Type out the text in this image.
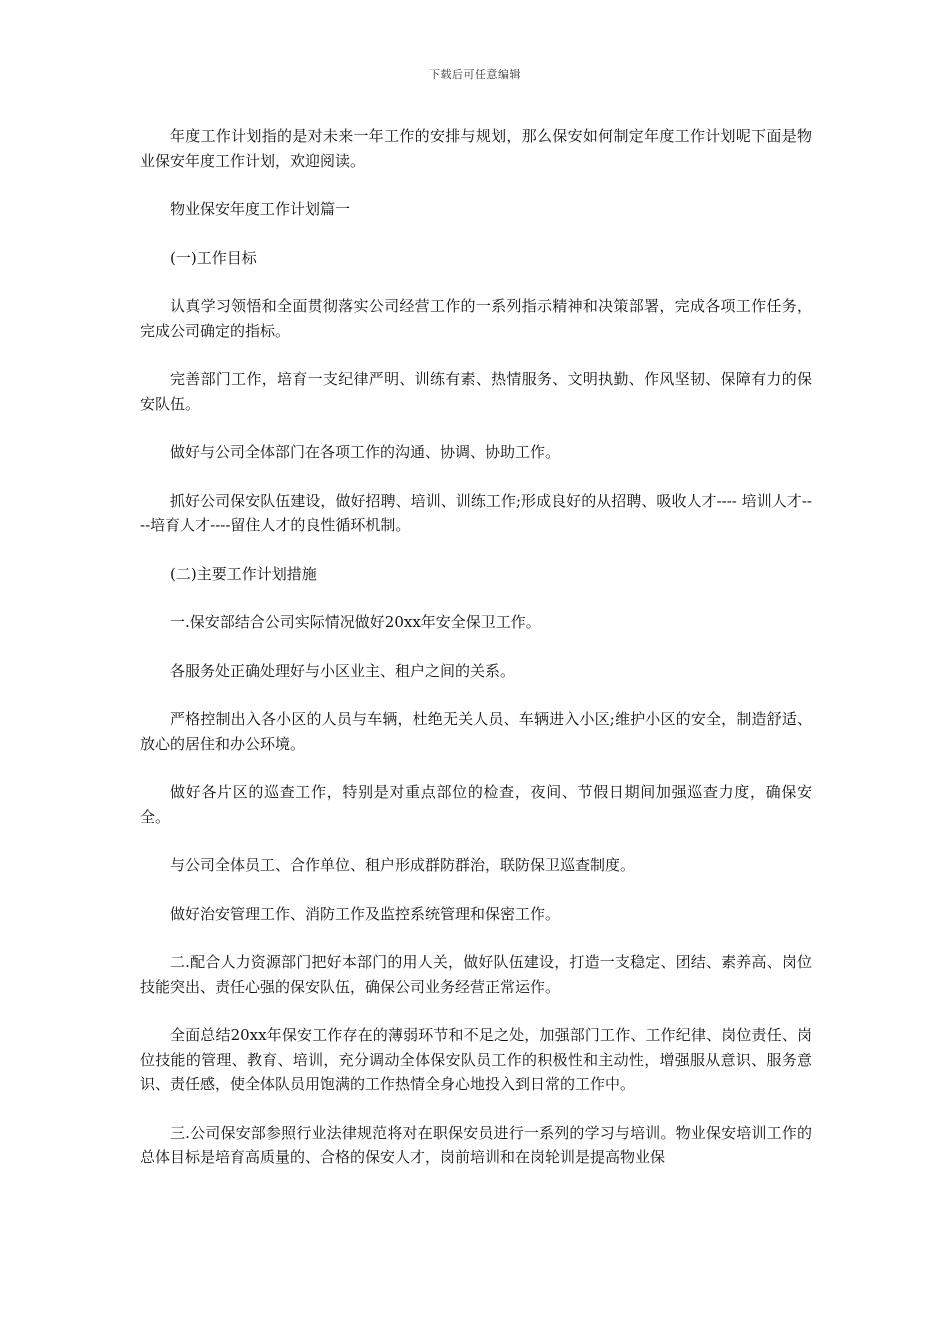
下载后可任意编辑

年度工作计划指的是对未来一年工作的安排与规划，那么保安如何制定年度工作计划呢下面是物业保安年度工作计划，欢迎阅读。

物业保安年度工作计划篇一

(一)工作目标

认真学习领悟和全面贯彻落实公司经营工作的一系列指示精神和决策部署，完成各项工作任务，完成公司确定的指标。

完善部门工作，培育一支纪律严明、训练有素、热情服务、文明执勤、作风坚韧、保障有力的保安队伍。

做好与公司全体部门在各项工作的沟通、协调、协助工作。

抓好公司保安队伍建设，做好招聘、培训、训练工作;形成良好的从招聘、吸收人才---- 培训人才----培育人才----留住人才的良性循环机制。

(二)主要工作计划措施

一.保安部结合公司实际情况做好20xx年安全保卫工作。

各服务处正确处理好与小区业主、租户之间的关系。

严格控制出入各小区的人员与车辆，杜绝无关人员、车辆进入小区;维护小区的安全，制造舒适、放心的居住和办公环境。

做好各片区的巡查工作，特别是对重点部位的检查，夜间、节假日期间加强巡查力度，确保安全。

与公司全体员工、合作单位、租户形成群防群治，联防保卫巡查制度。

做好治安管理工作、消防工作及监控系统管理和保密工作。

二.配合人力资源部门把好本部门的用人关，做好队伍建设，打造一支稳定、团结、素养高、岗位技能突出、责任心强的保安队伍，确保公司业务经营正常运作。

全面总结20xx年保安工作存在的薄弱环节和不足之处，加强部门工作、工作纪律、岗位责任、岗位技能的管理、教育、培训，充分调动全体保安队员工作的积极性和主动性，增强服从意识、服务意识、责任感，使全体队员用饱满的工作热情全身心地投入到日常的工作中。

三.公司保安部参照行业法律规范将对在职保安员进行一系列的学习与培训。物业保安培训工作的总体目标是培育高质量的、合格的保安人才，岗前培训和在岗轮训是提高物业保
